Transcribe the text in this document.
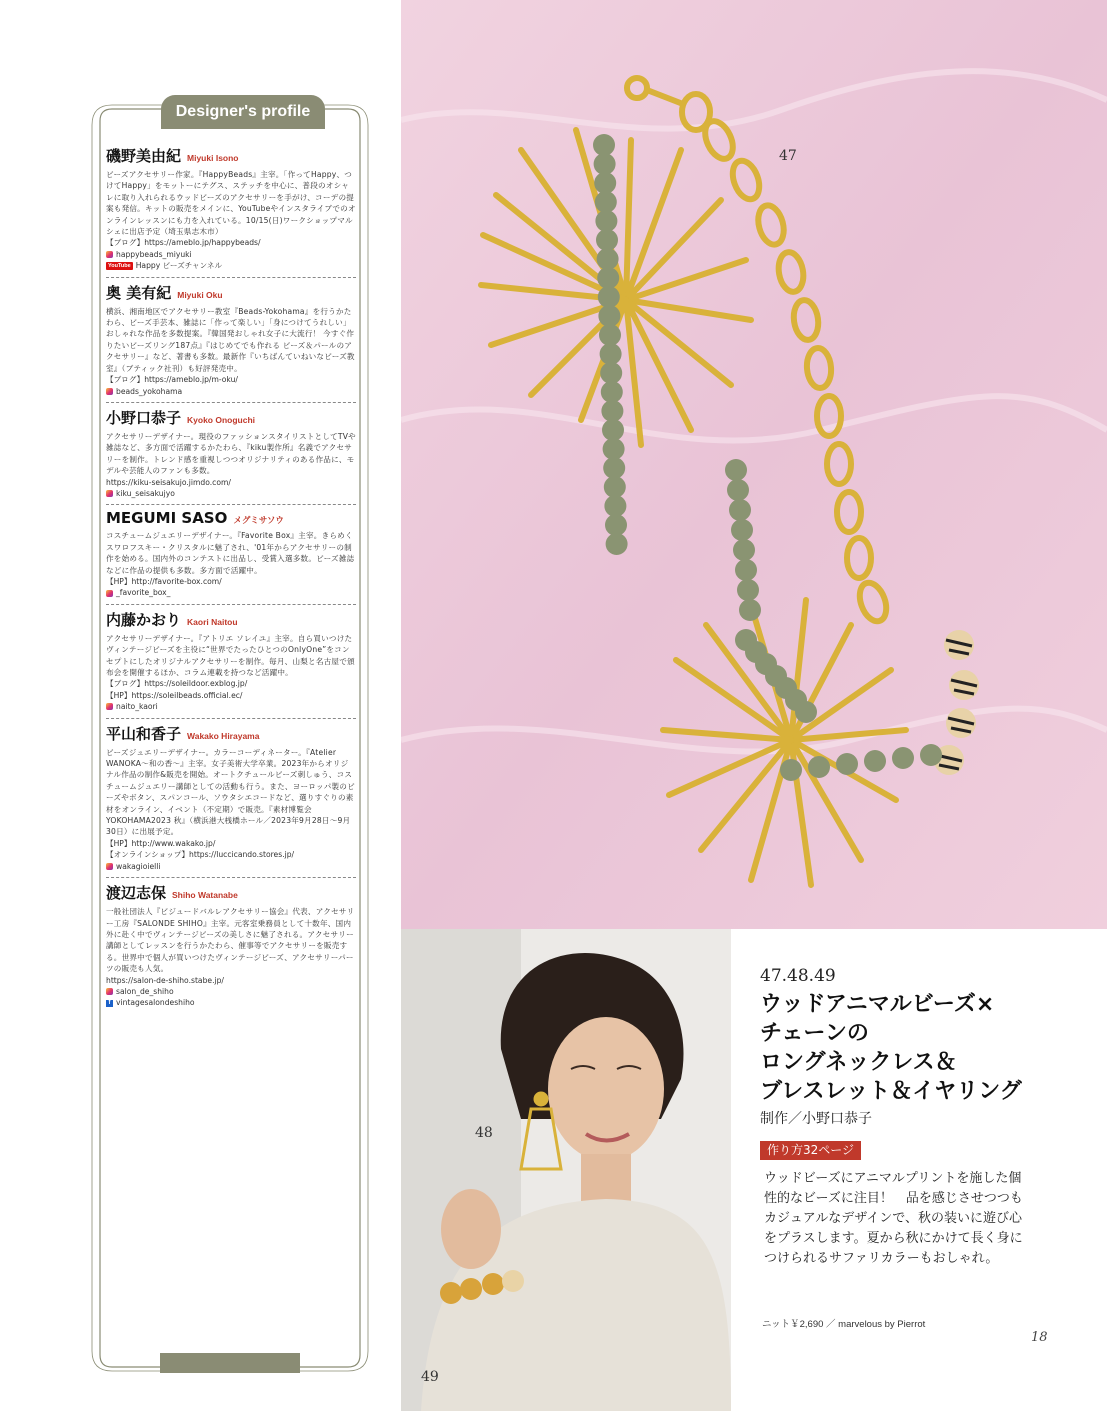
Designer's profile
磯野美由紀 Miyuki Isono
ビーズアクセサリー作家。『HappyBeads』主宰。「作ってHappy、つけてHappy」をモットーにテグス、ステッチを中心に、普段のオシャレに取り入れられるウッドビーズのアクセサリーを手がけ、コーデの提案も発信。キットの販売をメインに、YouTubeやインスタライブでのオンラインレッスンにも力を入れている。10/15(日)ワークショップマルシェに出店予定（埼玉県志木市）
【ブログ】https://ameblo.jp/happybeads/
happybeads_miyuki
YouTube Happy ビーズチャンネル
奥 美有紀 Miyuki Oku
横浜、湘南地区でアクセサリー教室『Beads-Yokohama』を行うかたわら、ビーズ手芸本、雑誌に「作って楽しい」「身につけてうれしい」おしゃれな作品を多数提案。『韓国発おしゃれ女子に大流行！ 今すぐ作りたいビーズリング187点』『はじめてでも作れる ビーズ＆パールのアクセサリー』など、著書も多数。最新作『いちばんていねいなビーズ教室』（ブティック社刊）も好評発売中。
【ブログ】https://ameblo.jp/m-oku/
beads_yokohama
小野口恭子 Kyoko Onoguchi
アクセサリーデザイナー。現役のファッションスタイリストとしてTVや雑誌など、多方面で活躍するかたわら、『kiku製作所』名義でアクセサリーを制作。トレンド感を重視しつつオリジナリティのある作品に、モデルや芸能人のファンも多数。
https://kiku-seisakujo.jimdo.com/
kiku_seisakujyo
MEGUMI SASO メグミサソウ
コスチュームジュエリーデザイナー。『Favorite Box』主宰。きらめくスワロフスキー・クリスタルに魅了され、'01年からアクセサリーの制作を始める。国内外のコンテストに出品し、受賞入選多数。ビーズ雑誌などに作品の提供も多数。多方面で活躍中。
【HP】http://favorite-box.com/
_favorite_box_
内藤かおり Kaori Naitou
アクセサリーデザイナー。『アトリエ ソレイユ』主宰。自ら買いつけたヴィンテージビーズを主役に“世界でたったひとつのOnlyOne”をコンセプトにしたオリジナルアクセサリーを制作。毎月、山梨と名古屋で頒布会を開催するほか、コラム連載を持つなど活躍中。
【ブログ】https://soleildoor.exblog.jp/
【HP】https://soleilbeads.official.ec/
naito_kaori
平山和香子 Wakako Hirayama
ビーズジュエリーデザイナー。カラーコーディネーター。『Atelier WANOKA～和の香～』主宰。女子美術大学卒業。2023年からオリジナル作品の制作&販売を開始。オートクチュールビーズ刺しゅう、コスチュームジュエリー講師としての活動も行う。また、ヨーロッパ製のビーズやボタン、スパンコール、ソウタシエコードなど、選りすぐりの素材をオンライン、イベント（不定期）で販売。『素材博覧会 YOKOHAMA2023 秋』（横浜港大桟橋ホール／2023年9月28日～9月30日）に出展予定。
【HP】http://www.wakako.jp/
【オンラインショップ】https://luccicando.stores.jp/
wakagioielli
渡辺志保 Shiho Watanabe
一般社団法人『ビジュードバルレアクセサリー協会』代表、アクセサリー工房『SALONDE SHIHO』主宰。元客室乗務員として十数年、国内外に赴く中でヴィンテージビーズの美しさに魅了される。アクセサリー講師としてレッスンを行うかたわら、催事等でアクセサリーを販売する。世界中で個人が買いつけたヴィンテージビーズ、アクセサリーパーツの販売も人気。
https://salon-de-shiho.stabe.jp/
salon_de_shiho
f vintagesalondeshiho
47
48
49
47.48.49
ウッドアニマルビーズ×
チェーンの
ロングネックレス＆
ブレスレット＆イヤリング
制作／小野口恭子
作り方32ページ
ウッドビーズにアニマルプリントを施した個性的なビーズに注目！　品を感じさせつつもカジュアルなデザインで、秋の装いに遊び心をプラスします。夏から秋にかけて長く身につけられるサファリカラーもおしゃれ。
ニット￥2,690 ／ marvelous by Pierrot
18
